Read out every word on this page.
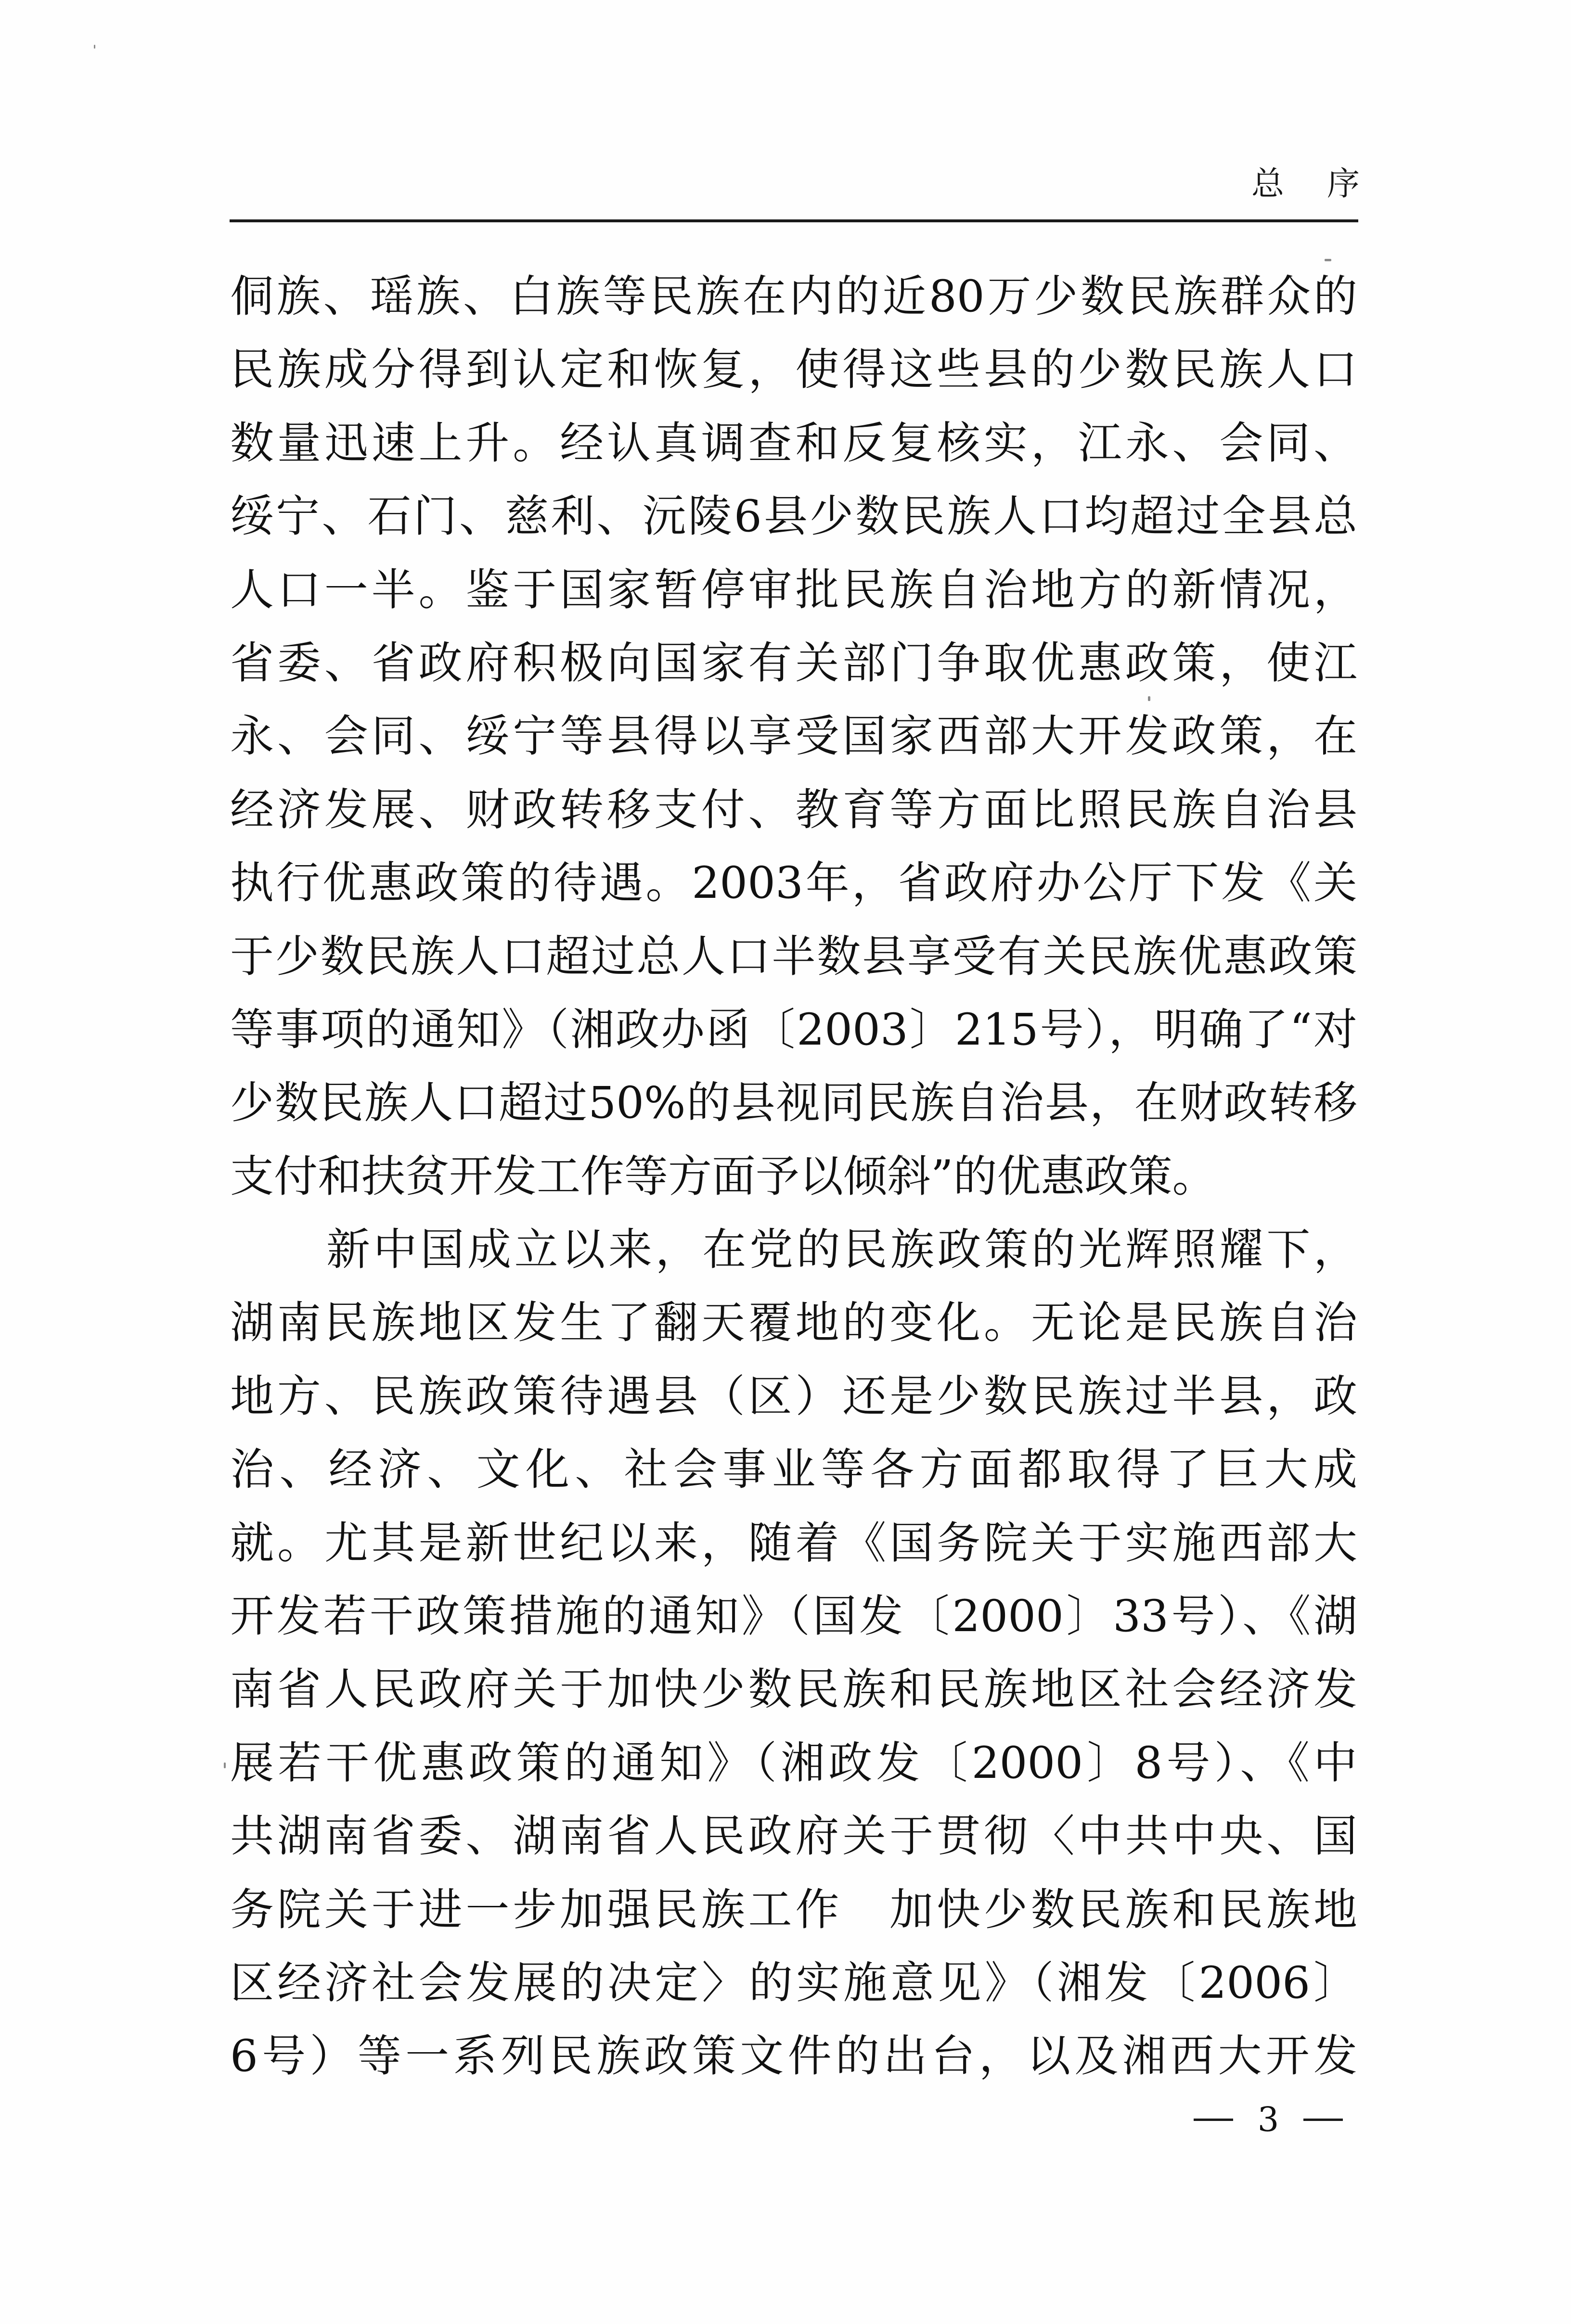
总 序
侗族、瑶族、白族等民族在内的近80万少数民族群众的
民族成分得到认定和恢复，使得这些县的少数民族人口
数量迅速上升。经认真调查和反复核实，江永、会同、
绥宁、石门、慈利、沅陵6县少数民族人口均超过全县总
人口一半。鉴于国家暂停审批民族自治地方的新情况，
省委、省政府积极向国家有关部门争取优惠政策，使江
永、会同、绥宁等县得以享受国家西部大开发政策，在
经济发展、财政转移支付、教育等方面比照民族自治县
执行优惠政策的待遇。2003年，省政府办公厅下发《关
于少数民族人口超过总人口半数县享受有关民族优惠政策
等事项的通知》（湘政办函〔2003〕215号），明确了“对
少数民族人口超过50%的县视同民族自治县，在财政转移
支付和扶贫开发工作等方面予以倾斜”的优惠政策。
新中国成立以来，在党的民族政策的光辉照耀下，
湖南民族地区发生了翻天覆地的变化。无论是民族自治
地方、民族政策待遇县（区）还是少数民族过半县，政
治、经济、文化、社会事业等各方面都取得了巨大成
就。尤其是新世纪以来，随着《国务院关于实施西部大
开发若干政策措施的通知》（国发〔2000〕33号）、《湖
南省人民政府关于加快少数民族和民族地区社会经济发
展若干优惠政策的通知》（湘政发〔2000〕8号）、《中
共湖南省委、湖南省人民政府关于贯彻〈中共中央、国
务院关于进一步加强民族工作　加快少数民族和民族地
区经济社会发展的决定〉的实施意见》（湘发〔2006〕
6号）等一系列民族政策文件的出台，以及湘西大开发
3
